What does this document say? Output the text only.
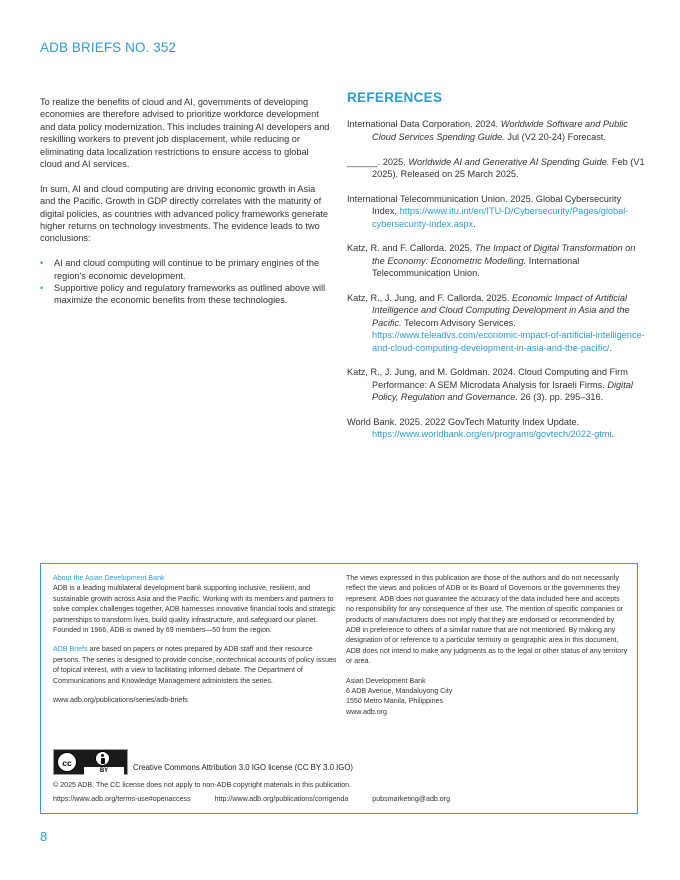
ADB BRIEFS NO. 352

To realize the benefits of cloud and AI, governments of developing economies are therefore advised to prioritize workforce development and data policy modernization. This includes training AI developers and reskilling workers to prevent job displacement, while reducing or eliminating data localization restrictions to ensure access to global cloud and AI services.

In sum, AI and cloud computing are driving economic growth in Asia and the Pacific. Growth in GDP directly correlates with the maturity of digital policies, as countries with advanced policy frameworks generate higher returns on technology investments. The evidence leads to two conclusions:

• AI and cloud computing will continue to be primary engines of the region's economic development.
• Supportive policy and regulatory frameworks as outlined above will maximize the economic benefits from these technologies.
REFERENCES
International Data Corporation. 2024. Worldwide Software and Public Cloud Services Spending Guide. Jul (V2 20-24) Forecast.
______. 2025. Worldwide AI and Generative AI Spending Guide. Feb (V1 2025). Released on 25 March 2025.
International Telecommunication Union. 2025. Global Cybersecurity Index. https://www.itu.int/en/ITU-D/Cybersecurity/Pages/global-cybersecurity-index.aspx.
Katz, R. and F. Callorda. 2025. The Impact of Digital Transformation on the Economy: Econometric Modelling. International Telecommunication Union.
Katz, R., J. Jung, and F. Callorda. 2025. Economic Impact of Artificial Intelligence and Cloud Computing Development in Asia and the Pacific. Telecom Advisory Services. https://www.teleadvs.com/economic-impact-of-artificial-intelligence-and-cloud-computing-development-in-asia-and-the-pacific/.
Katz, R., J. Jung, and M. Goldman. 2024. Cloud Computing and Firm Performance: A SEM Microdata Analysis for Israeli Firms. Digital Policy, Regulation and Governance. 26 (3). pp. 295–316.
World Bank. 2025. 2022 GovTech Maturity Index Update. https://www.worldbank.org/en/programs/govtech/2022-gtmi.
About the Asian Development Bank

ADB is a leading multilateral development bank supporting inclusive, resilient, and sustainable growth across Asia and the Pacific. Working with its members and partners to solve complex challenges together, ADB harnesses innovative financial tools and strategic partnerships to transform lives, build quality infrastructure, and safeguard our planet. Founded in 1966, ADB is owned by 69 members—50 from the region.

ADB Briefs are based on papers or notes prepared by ADB staff and their resource persons. The series is designed to provide concise, nontechnical accounts of policy issues of topical interest, with a view to facilitating informed debate. The Department of Communications and Knowledge Management administers the series.

www.adb.org/publications/series/adb-briefs

The views expressed in this publication are those of the authors and do not necessarily reflect the views and policies of ADB or its Board of Governors or the governments they represent. ADB does not guarantee the accuracy of the data included here and accepts no responsibility for any consequence of their use. The mention of specific companies or products of manufacturers does not imply that they are endorsed or recommended by ADB in preference to others of a similar nature that are not mentioned. By making any designation of or reference to a particular territory or geographic area in this document, ADB does not intend to make any judgments as to the legal or other status of any territory or area.

Asian Development Bank
6 ADB Avenue, Mandaluyong City
1550 Metro Manila, Philippines
www.adb.org
cc
BY	Creative Commons Attribution 3.0 IGO license (CC BY 3.0 IGO)
© 2025 ADB. The CC license does not apply to non-ADB copyright materials in this publication.
https://www.adb.org/terms-use#openaccess	http://www.adb.org/publications/corrigenda	pubsmarketing@adb.org
8
